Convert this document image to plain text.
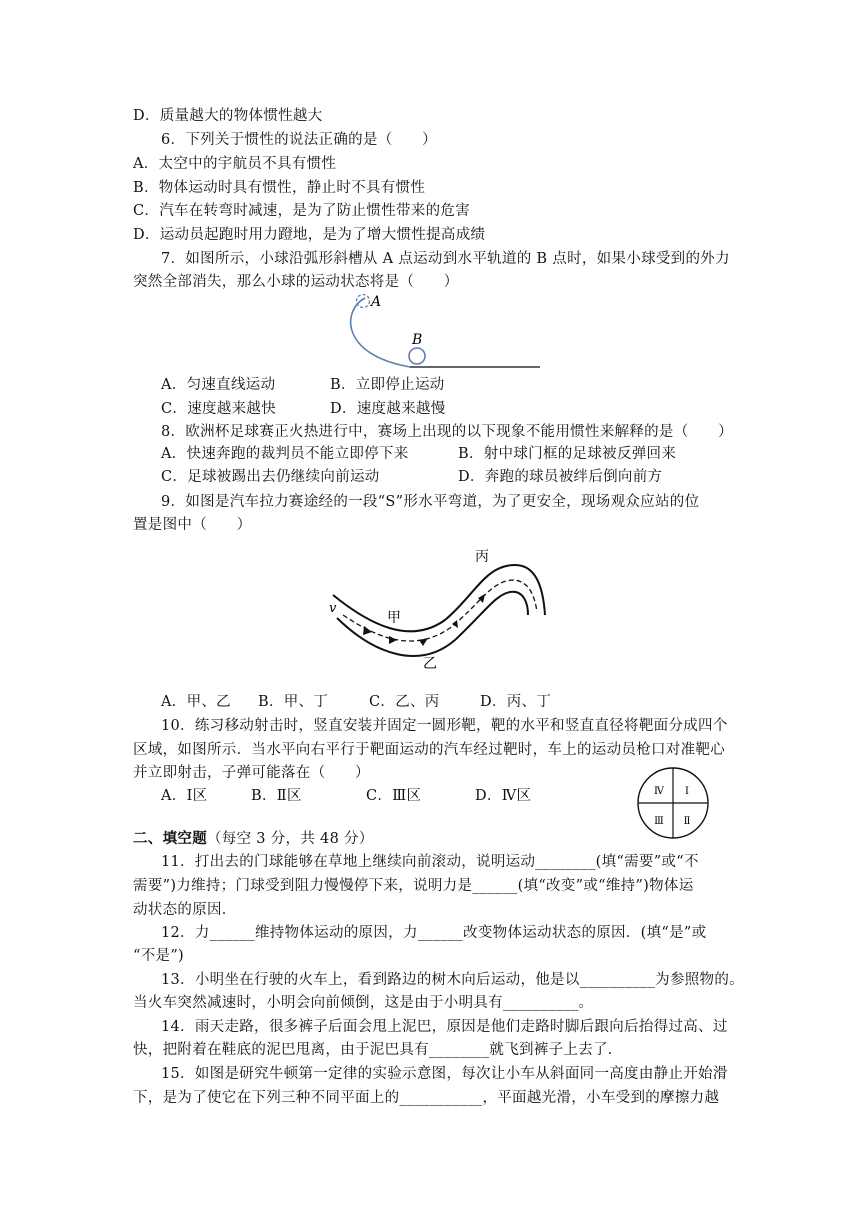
D．质量越大的物体惯性越大
6．下列关于惯性的说法正确的是（　　）
A．太空中的宇航员不具有惯性
B．物体运动时具有惯性，静止时不具有惯性
C．汽车在转弯时减速，是为了防止惯性带来的危害
D．运动员起跑时用力蹬地，是为了增大惯性提高成绩
7．如图所示，小球沿弧形斜槽从 A 点运动到水平轨道的 B 点时，如果小球受到的外力
突然全部消失，那么小球的运动状态将是（　　）
A
B
A．匀速直线运动	B．立即停止运动
C．速度越来越快	D．速度越来越慢
8．欧洲杯足球赛正火热进行中，赛场上出现的以下现象不能用惯性来解释的是（　　）
A．快速奔跑的裁判员不能立即停下来	B．射中球门框的足球被反弹回来
C．足球被踢出去仍继续向前运动	D．奔跑的球员被绊后倒向前方
9．如图是汽车拉力赛途经的一段“S”形水平弯道，为了更安全，现场观众应站的位
置是图中（　　）
v
甲
乙
丙
A．甲、乙 B．甲、丁	C．乙、丙	D．丙、丁
10．练习移动射击时，竖直安装并固定一圆形靶，靶的水平和竖直直径将靶面分成四个
区域，如图所示．当水平向右平行于靶面运动的汽车经过靶时，车上的运动员枪口对准靶心
并立即射击，子弹可能落在（　　）
A．Ⅰ区	B．Ⅱ区	C．Ⅲ区	D．Ⅳ区	Ⅰ
Ⅱ
Ⅲ
Ⅳ
二、填空题（每空 3 分，共 48 分）
11．打出去的门球能够在草地上继续向前滚动，说明运动________(填“需要”或“不
需要”)力维持；门球受到阻力慢慢停下来，说明力是______(填“改变”或“维持”)物体运
动状态的原因．
12．力______维持物体运动的原因，力______改变物体运动状态的原因．(填“是”或
“不是”)
13．小明坐在行驶的火车上，看到路边的树木向后运动，他是以__________为参照物的。
当火车突然减速时，小明会向前倾倒，这是由于小明具有__________。
14．雨天走路，很多裤子后面会甩上泥巴，原因是他们走路时脚后跟向后抬得过高、过
快，把附着在鞋底的泥巴甩离，由于泥巴具有________就飞到裤子上去了．
15．如图是研究牛顿第一定律的实验示意图，每次让小车从斜面同一高度由静止开始滑
下，是为了使它在下列三种不同平面上的___________，平面越光滑，小车受到的摩擦力越
